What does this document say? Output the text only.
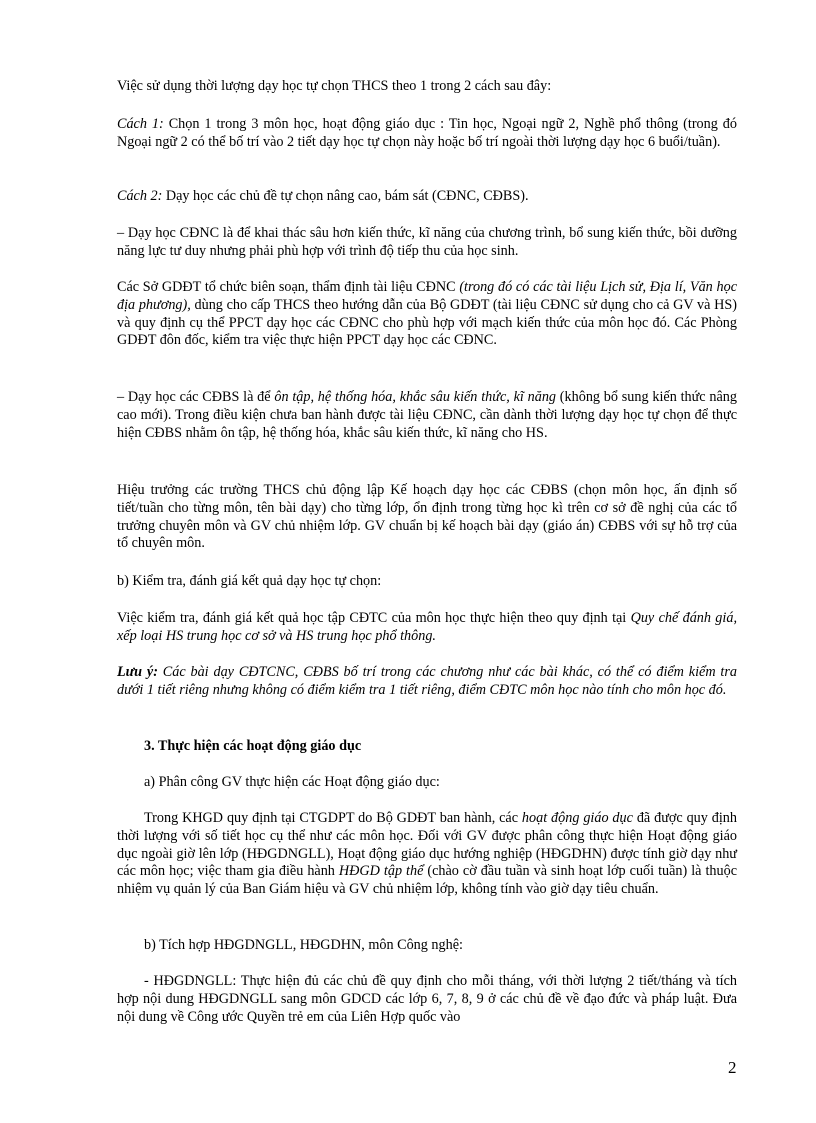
Việc sử dụng thời lượng dạy học tự chọn THCS theo 1 trong 2 cách sau đây:

Cách 1: Chọn 1 trong 3 môn học, hoạt động giáo dục : Tin học, Ngoại ngữ 2, Nghề phổ thông (trong đó Ngoại ngữ 2 có thể bố trí vào 2 tiết dạy học tự chọn này hoặc bố trí ngoài thời lượng dạy học 6 buổi/tuần).

Cách 2: Dạy học các chủ đề tự chọn nâng cao, bám sát (CĐNC, CĐBS).

– Dạy học CĐNC là để khai thác sâu hơn kiến thức, kĩ năng của chương trình, bổ sung kiến thức, bồi dưỡng năng lực tư duy nhưng phải phù hợp với trình độ tiếp thu của học sinh.

Các Sở GDĐT tổ chức biên soạn, thẩm định tài liệu CĐNC (trong đó có các tài liệu Lịch sử, Địa lí, Văn học địa phương), dùng cho cấp THCS theo hướng dẫn của Bộ GDĐT (tài liệu CĐNC sử dụng cho cả GV và HS) và quy định cụ thể PPCT dạy học các CĐNC cho phù hợp với mạch kiến thức của môn học đó. Các Phòng GDĐT đôn đốc, kiểm tra việc thực hiện PPCT dạy học các CĐNC.

– Dạy học các CĐBS là để ôn tập, hệ thống hóa, khắc sâu kiến thức, kĩ năng (không bổ sung kiến thức nâng cao mới). Trong điều kiện chưa ban hành được tài liệu CĐNC, cần dành thời lượng dạy học tự chọn để thực hiện CĐBS nhằm ôn tập, hệ thống hóa, khắc sâu kiến thức, kĩ năng cho HS.

Hiệu trưởng các trường THCS chủ động lập Kế hoạch dạy học các CĐBS (chọn môn học, ấn định số tiết/tuần cho từng môn, tên bài dạy) cho từng lớp, ổn định trong từng học kì trên cơ sở đề nghị của các tổ trưởng chuyên môn và GV chủ nhiệm lớp. GV chuẩn bị kế hoạch bài dạy (giáo án) CĐBS với sự hỗ trợ của tổ chuyên môn.

b) Kiểm tra, đánh giá kết quả dạy học tự chọn:

Việc kiểm tra, đánh giá kết quả học tập CĐTC của môn học thực hiện theo quy định tại Quy chế đánh giá, xếp loại HS trung học cơ sở và HS trung học phổ thông.

Lưu ý: Các bài dạy CĐTCNC, CĐBS bố trí trong các chương như các bài khác, có thể có điểm kiểm tra dưới 1 tiết riêng nhưng không có điểm kiểm tra 1 tiết riêng, điểm CĐTC môn học nào tính cho môn học đó.

3. Thực hiện các hoạt động giáo dục

a) Phân công GV thực hiện các Hoạt động giáo dục:

Trong KHGD quy định tại CTGDPT do Bộ GDĐT ban hành, các hoạt động giáo dục đã được quy định thời lượng với số tiết học cụ thể như các môn học. Đối với GV được phân công thực hiện Hoạt động giáo dục ngoài giờ lên lớp (HĐGDNGLL), Hoạt động giáo dục hướng nghiệp (HĐGDHN) được tính giờ dạy như các môn học; việc tham gia điều hành HĐGD tập thể (chào cờ đầu tuần và sinh hoạt lớp cuối tuần) là thuộc nhiệm vụ quản lý của Ban Giám hiệu và GV chủ nhiệm lớp, không tính vào giờ dạy tiêu chuẩn.

b) Tích hợp HĐGDNGLL, HĐGDHN, môn Công nghệ:

- HĐGDNGLL: Thực hiện đủ các chủ đề quy định cho mỗi tháng, với thời lượng 2 tiết/tháng và tích hợp nội dung HĐGDNGLL sang môn GDCD các lớp 6, 7, 8, 9 ở các chủ đề về đạo đức và pháp luật. Đưa nội dung về Công ước Quyền trẻ em của Liên Hợp quốc vào

2
